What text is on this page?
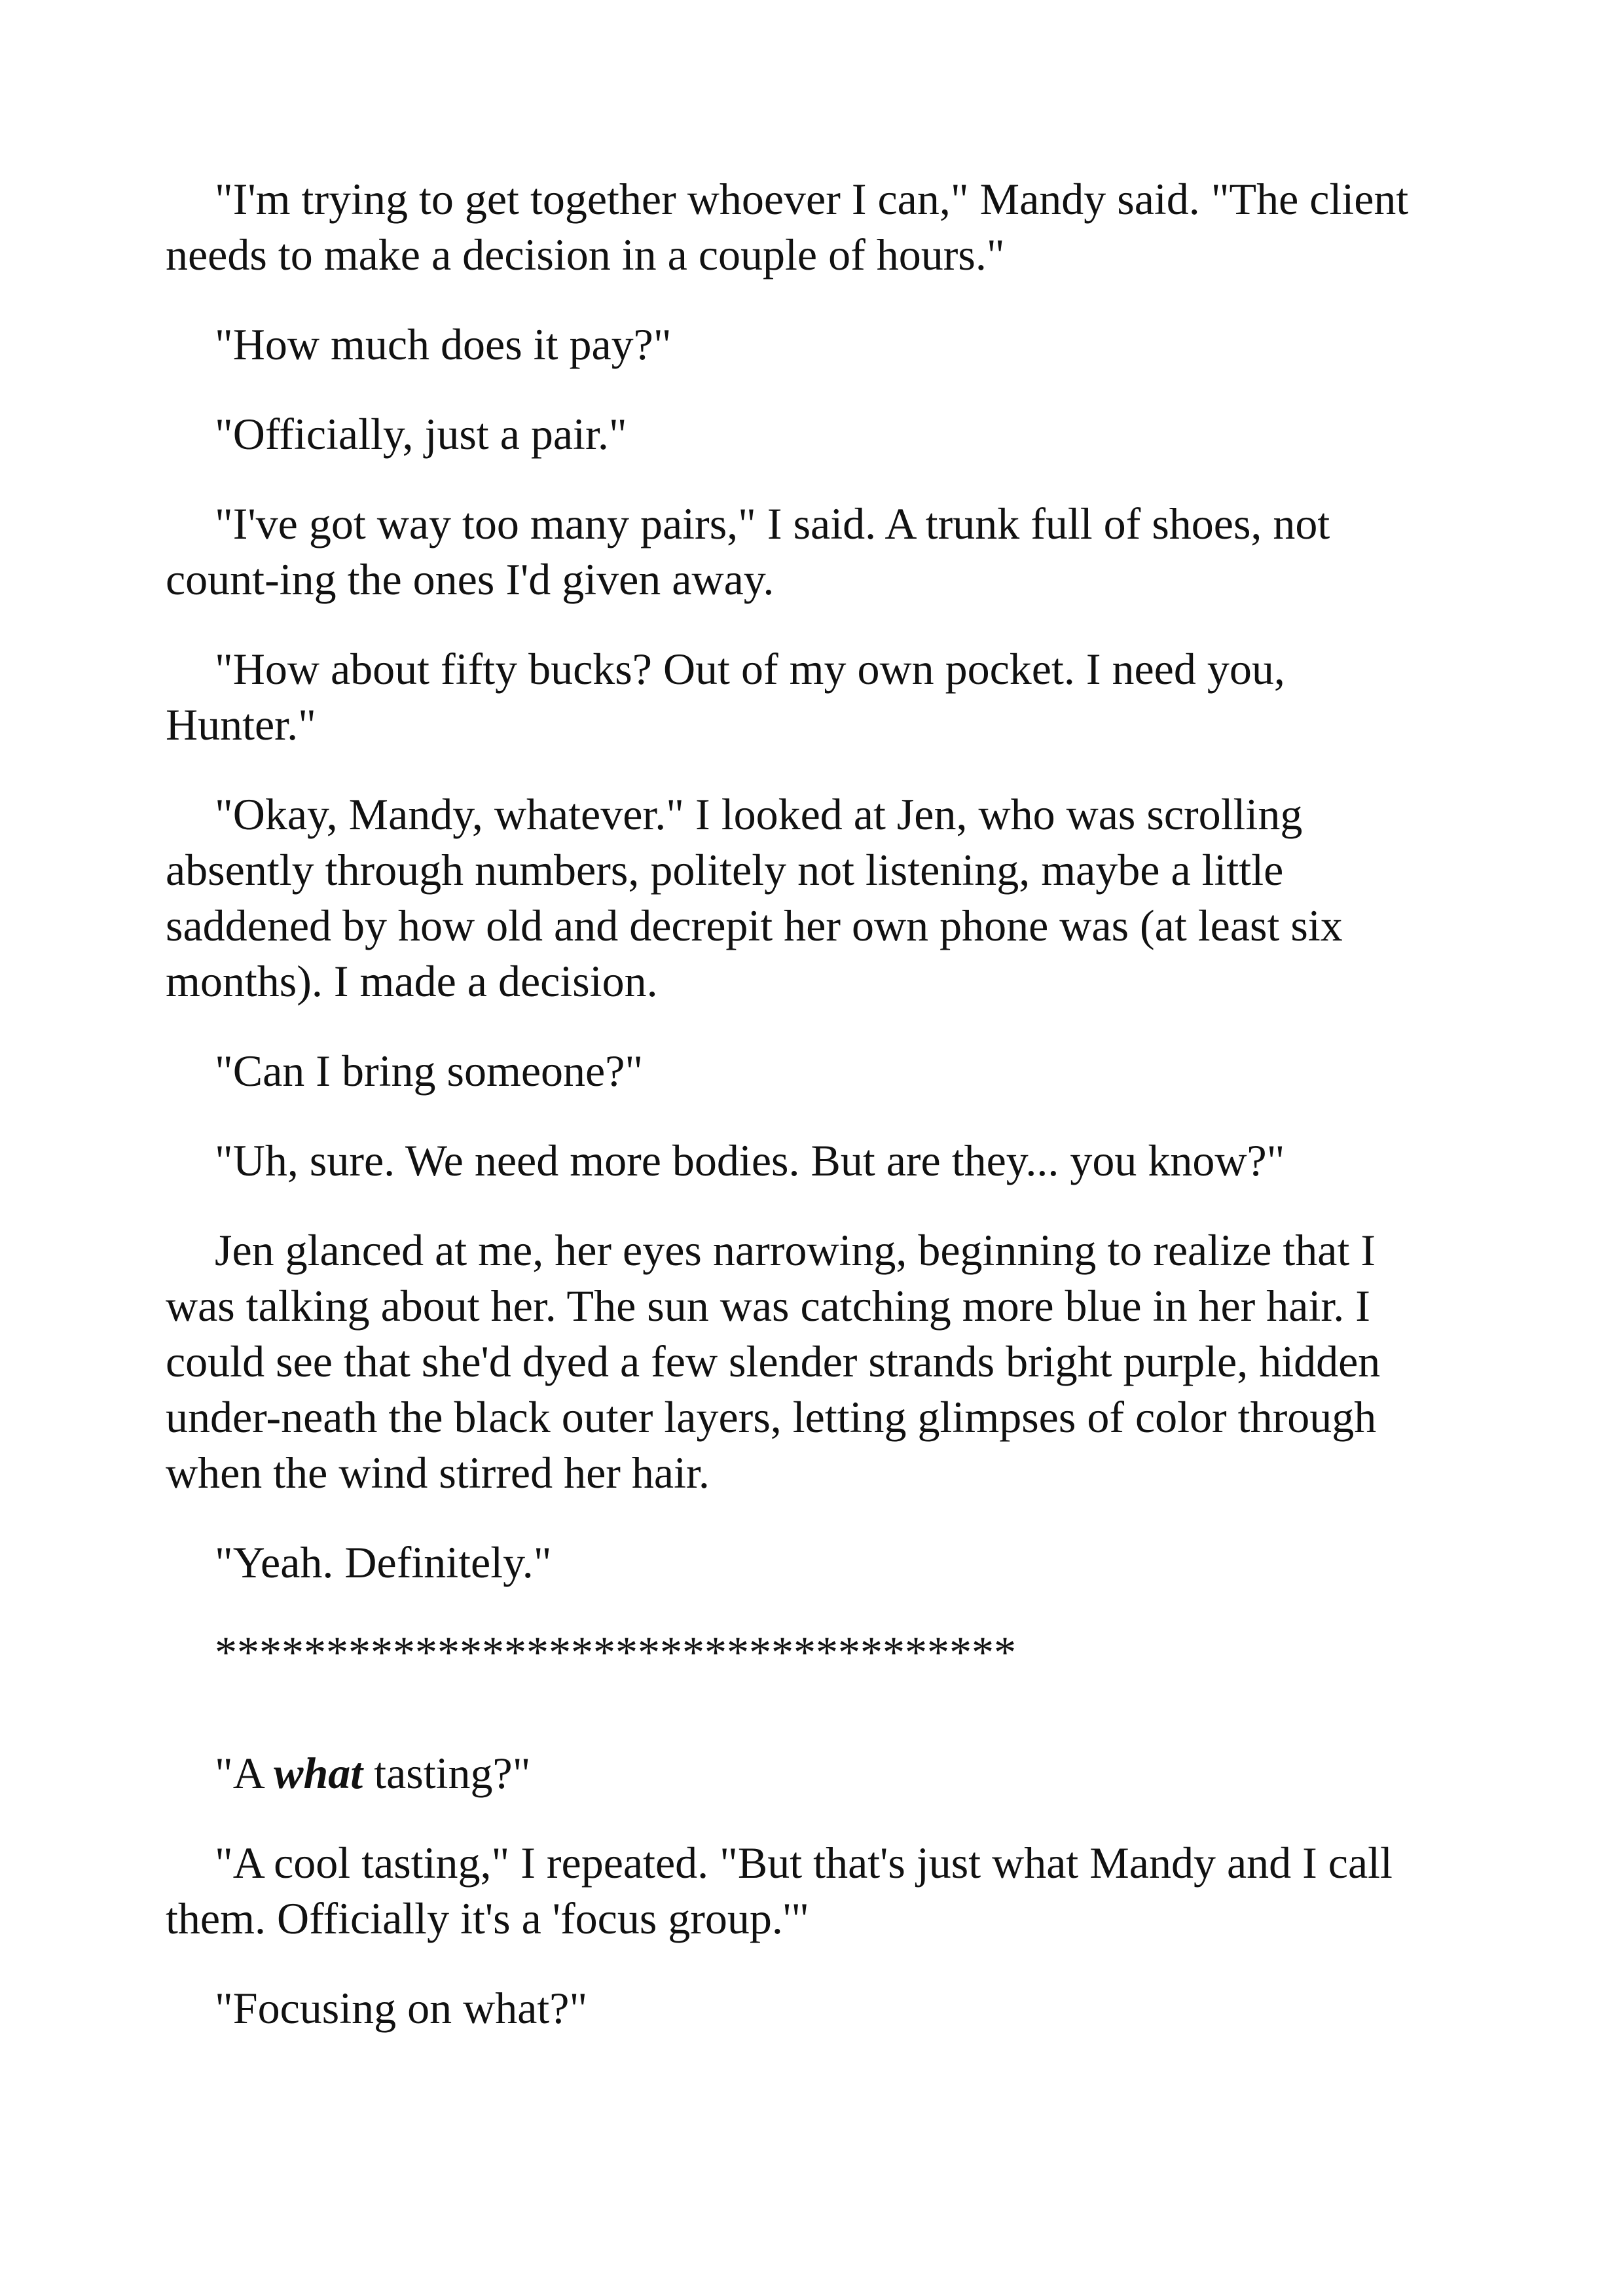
"I'm trying to get together whoever I can," Mandy said. "The client needs to make a decision in a couple of hours."

"How much does it pay?"

"Officially, just a pair."

"I've got way too many pairs," I said. A trunk full of shoes, not count-ing the ones I'd given away.

"How about fifty bucks? Out of my own pocket. I need you, Hunter."

"Okay, Mandy, whatever." I looked at Jen, who was scrolling absently through numbers, politely not listening, maybe a little saddened by how old and decrepit her own phone was (at least six months). I made a decision.

"Can I bring someone?"

"Uh, sure. We need more bodies. But are they... you know?"

Jen glanced at me, her eyes narrowing, beginning to realize that I was talking about her. The sun was catching more blue in her hair. I could see that she'd dyed a few slender strands bright purple, hidden under-neath the black outer layers, letting glimpses of color through when the wind stirred her hair.

"Yeah. Definitely."

************************************

"A what tasting?"

"A cool tasting," I repeated. "But that's just what Mandy and I call them. Officially it's a 'focus group.'"

"Focusing on what?"
